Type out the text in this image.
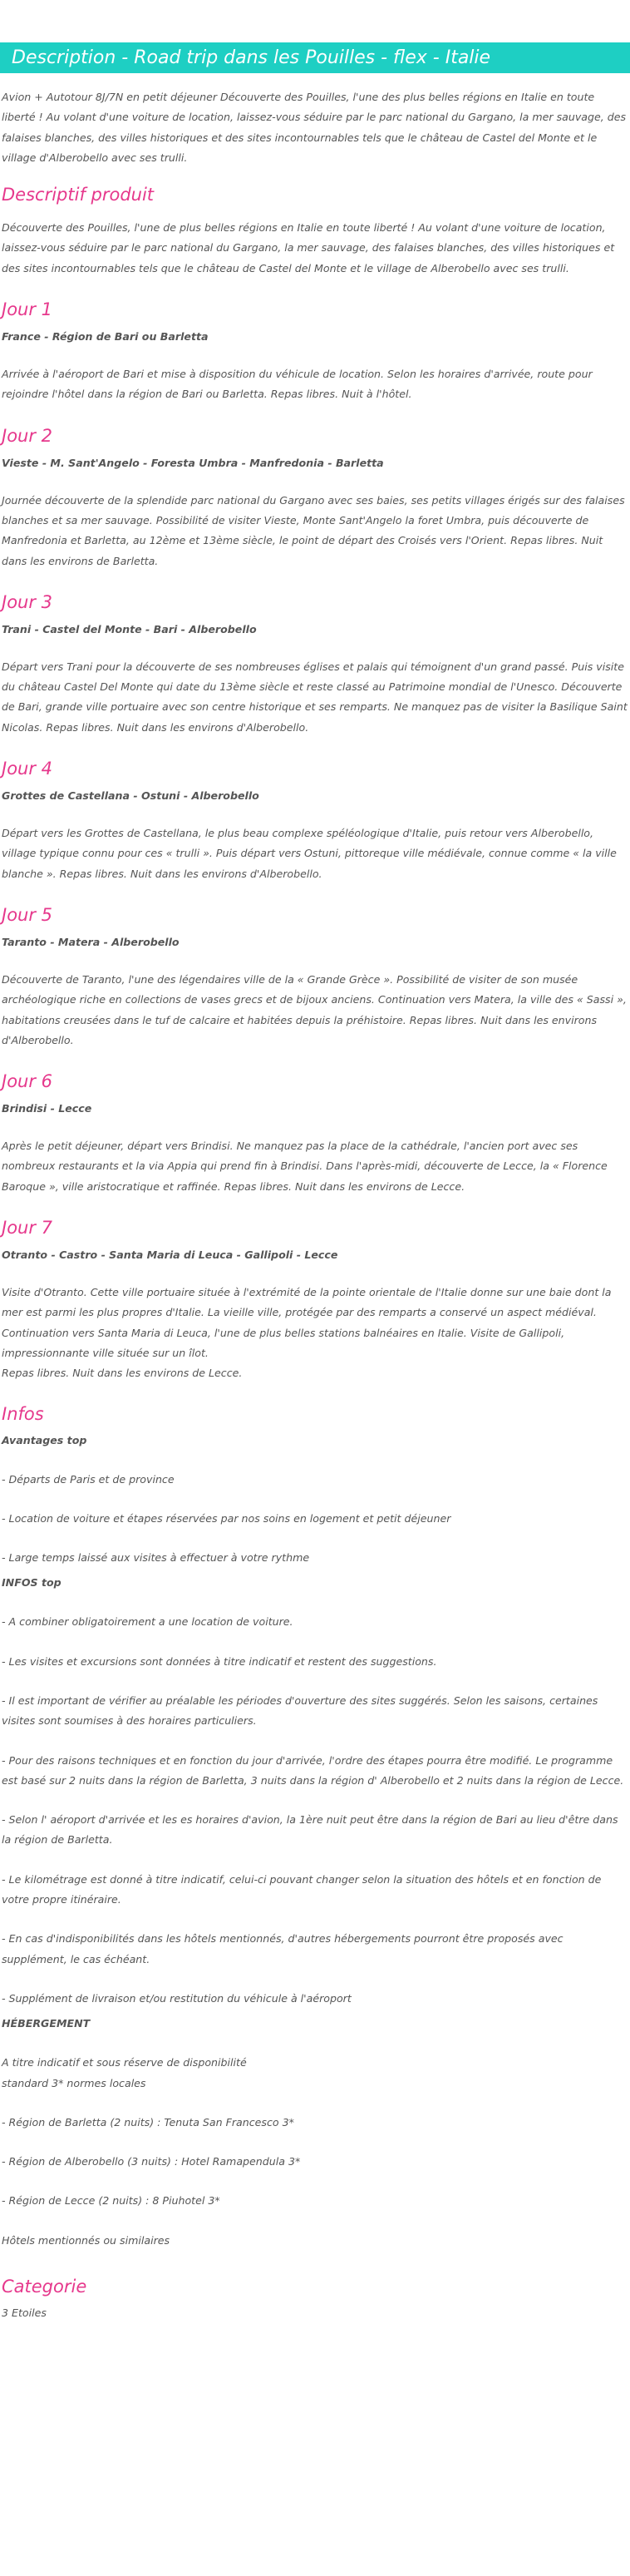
Description - Road trip dans les Pouilles - flex - Italie

Avion + Autotour 8J/7N en petit déjeuner Découverte des Pouilles, l'une des plus belles régions en Italie en toute liberté ! Au volant d'une voiture de location, laissez-vous séduire par le parc national du Gargano, la mer sauvage, des falaises blanches, des villes historiques et des sites incontournables tels que le château de Castel del Monte et le village d'Alberobello avec ses trulli.

Descriptif produit

Découverte des Pouilles, l'une de plus belles régions en Italie en toute liberté ! Au volant d'une voiture de location, laissez-vous séduire par le parc national du Gargano, la mer sauvage, des falaises blanches, des villes historiques et des sites incontournables tels que le château de Castel del Monte et le village de Alberobello avec ses trulli.

Jour 1
France - Région de Bari ou Barletta

Arrivée à l'aéroport de Bari et mise à disposition du véhicule de location. Selon les horaires d'arrivée, route pour rejoindre l'hôtel dans la région de Bari ou Barletta. Repas libres. Nuit à l'hôtel.

Jour 2
Vieste - M. Sant'Angelo - Foresta Umbra - Manfredonia - Barletta

Journée découverte de la splendide parc national du Gargano avec ses baies, ses petits villages érigés sur des falaises blanches et sa mer sauvage. Possibilité de visiter Vieste, Monte Sant'Angelo la foret Umbra, puis découverte de Manfredonia et Barletta, au 12ème et 13ème siècle, le point de départ des Croisés vers l'Orient. Repas libres. Nuit dans les environs de Barletta.

Jour 3
Trani - Castel del Monte - Bari - Alberobello

Départ vers Trani pour la découverte de ses nombreuses églises et palais qui témoignent d'un grand passé. Puis visite du château Castel Del Monte qui date du 13ème siècle et reste classé au Patrimoine mondial de l'Unesco. Découverte de Bari, grande ville portuaire avec son centre historique et ses remparts. Ne manquez pas de visiter la Basilique Saint Nicolas. Repas libres. Nuit dans les environs d'Alberobello.

Jour 4
Grottes de Castellana - Ostuni - Alberobello

Départ vers les Grottes de Castellana, le plus beau complexe spéléologique d'Italie, puis retour vers Alberobello, village typique connu pour ces « trulli ». Puis départ vers Ostuni, pittoreque ville médiévale, connue comme « la ville blanche ». Repas libres. Nuit dans les environs d'Alberobello.

Jour 5
Taranto - Matera - Alberobello

Découverte de Taranto, l'une des légendaires ville de la « Grande Grèce ». Possibilité de visiter de son musée archéologique riche en collections de vases grecs et de bijoux anciens. Continuation vers Matera, la ville des « Sassi », habitations creusées dans le tuf de calcaire et habitées depuis la préhistoire. Repas libres. Nuit dans les environs d'Alberobello.

Jour 6
Brindisi - Lecce

Après le petit déjeuner, départ vers Brindisi. Ne manquez pas la place de la cathédrale, l'ancien port avec ses nombreux restaurants et la via Appia qui prend fin à Brindisi. Dans l'après-midi, découverte de Lecce, la « Florence Baroque », ville aristocratique et raffinée. Repas libres. Nuit dans les environs de Lecce.

Jour 7
Otranto - Castro - Santa Maria di Leuca - Gallipoli - Lecce

Visite d'Otranto. Cette ville portuaire située à l'extrémité de la pointe orientale de l'Italie donne sur une baie dont la mer est parmi les plus propres d'Italie. La vieille ville, protégée par des remparts a conservé un aspect médiéval. Continuation vers Santa Maria di Leuca, l'une de plus belles stations balnéaires en Italie. Visite de Gallipoli, impressionnante ville située sur un îlot.

Repas libres. Nuit dans les environs de Lecce.

Infos
Avantages top

- Départs de Paris et de province

- Location de voiture et étapes réservées par nos soins en logement et petit déjeuner

- Large temps laissé aux visites à effectuer à votre rythme

INFOS top

- A combiner obligatoirement a une location de voiture.

- Les visites et excursions sont données à titre indicatif et restent des suggestions.

- Il est important de vérifier au préalable les périodes d'ouverture des sites suggérés. Selon les saisons, certaines visites sont soumises à des horaires particuliers.

- Pour des raisons techniques et en fonction du jour d'arrivée, l'ordre des étapes pourra être modifié. Le programme est basé sur 2 nuits dans la région de Barletta, 3 nuits dans la région d' Alberobello et 2 nuits dans la région de Lecce.

- Selon l' aéroport d'arrivée et les es horaires d'avion, la 1ère nuit peut être dans la région de Bari au lieu d'être dans la région de Barletta.

- Le kilométrage est donné à titre indicatif, celui-ci pouvant changer selon la situation des hôtels et en fonction de votre propre itinéraire.

- En cas d'indisponibilités dans les hôtels mentionnés, d'autres hébergements pourront être proposés avec supplément, le cas échéant.

- Supplément de livraison et/ou restitution du véhicule à l'aéroport

HÉBERGEMENT

A titre indicatif et sous réserve de disponibilité

standard 3* normes locales

- Région de Barletta (2 nuits) : Tenuta San Francesco 3*

- Région de Alberobello (3 nuits) : Hotel Ramapendula 3*

- Région de Lecce (2 nuits) : 8 Piuhotel 3*

Hôtels mentionnés ou similaires

Categorie

3 Etoiles
